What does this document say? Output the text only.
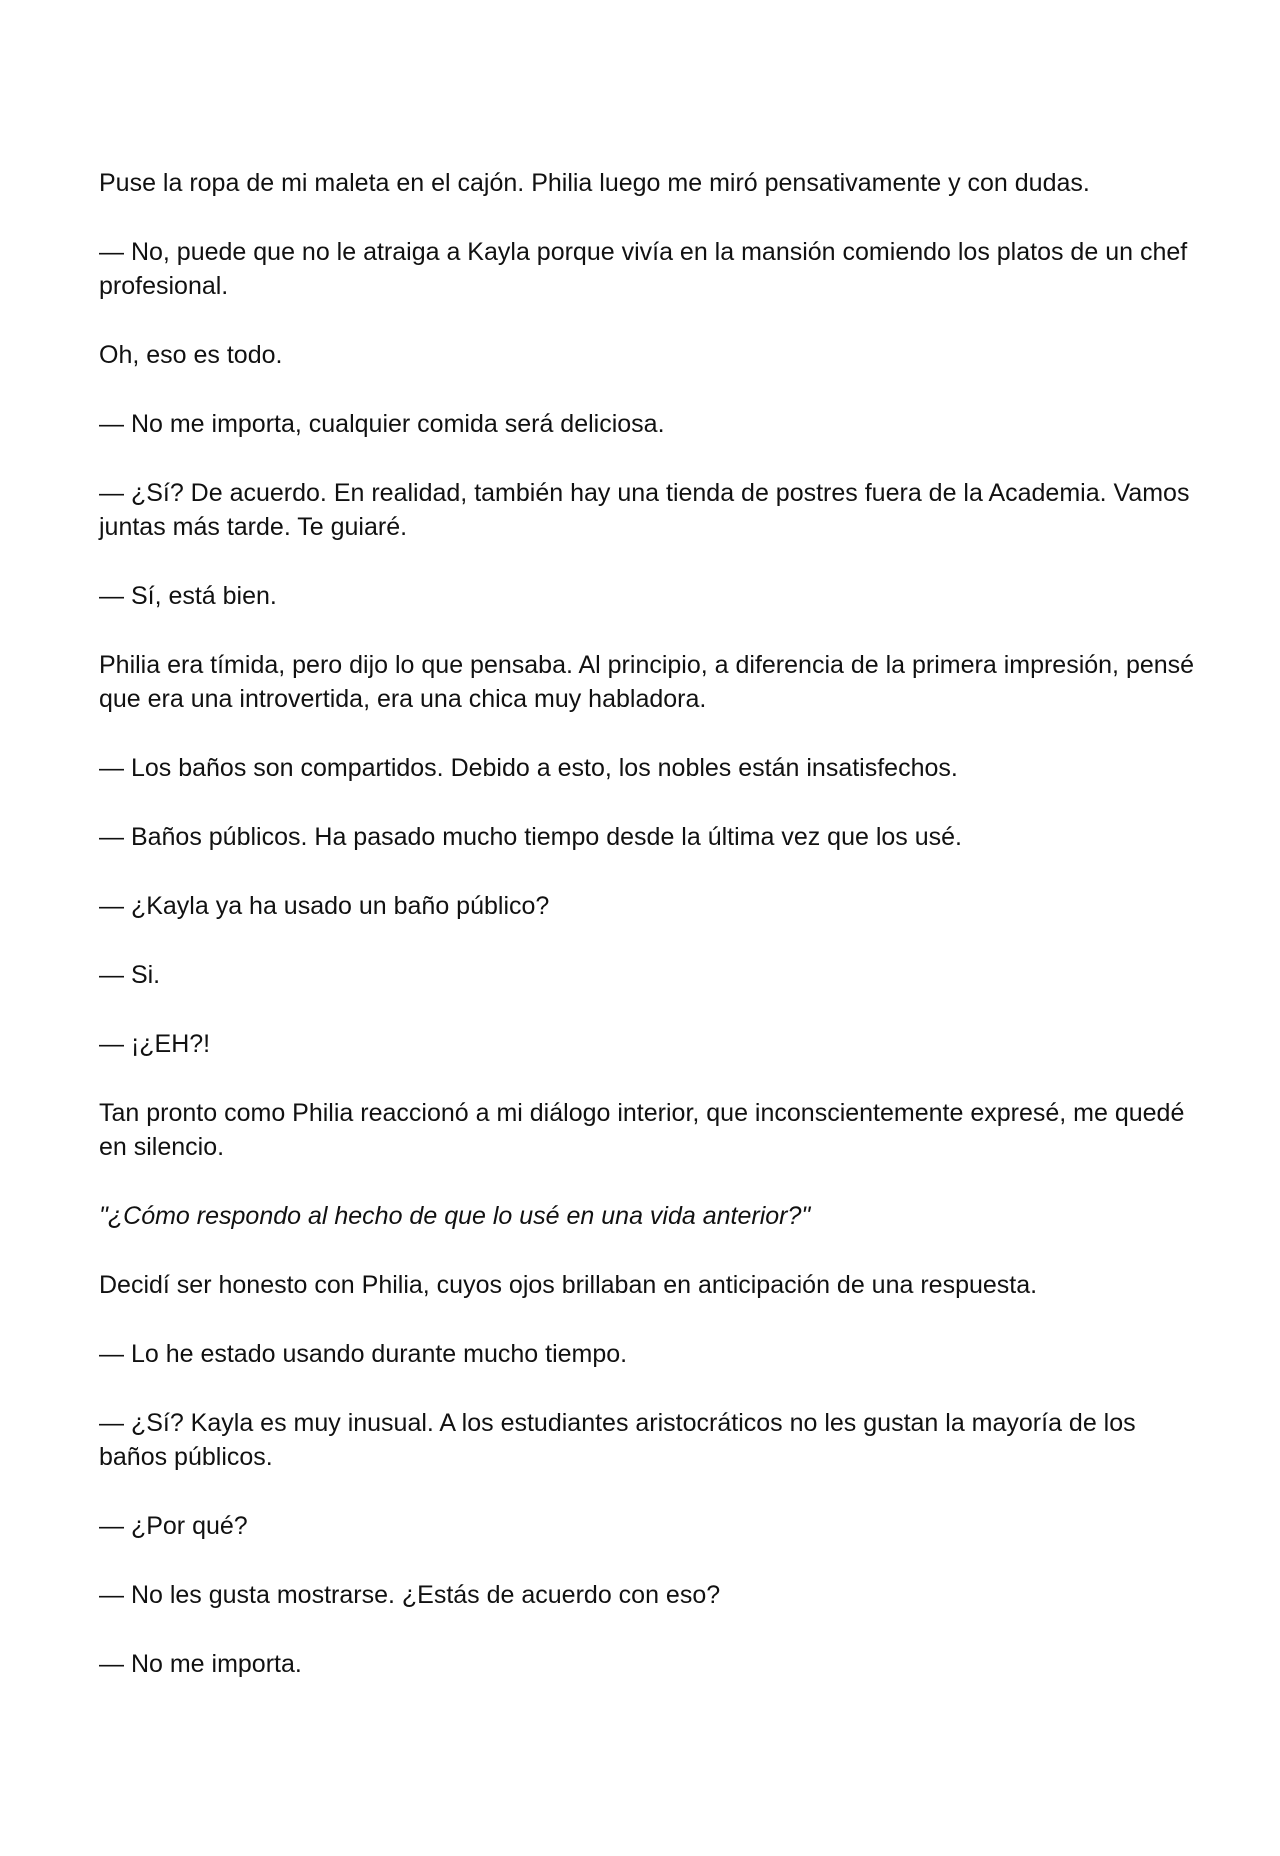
Puse la ropa de mi maleta en el cajón. Philia luego me miró pensativamente y con dudas.

— No, puede que no le atraiga a Kayla porque vivía en la mansión comiendo los platos de un chef profesional.

Oh, eso es todo.

— No me importa, cualquier comida será deliciosa.

— ¿Sí? De acuerdo. En realidad, también hay una tienda de postres fuera de la Academia. Vamos juntas más tarde. Te guiaré.

— Sí, está bien.

Philia era tímida, pero dijo lo que pensaba. Al principio, a diferencia de la primera impresión, pensé que era una introvertida, era una chica muy habladora.

— Los baños son compartidos. Debido a esto, los nobles están insatisfechos.

— Baños públicos. Ha pasado mucho tiempo desde la última vez que los usé.

— ¿Kayla ya ha usado un baño público?

— Si.

— ¡¿EH?!

Tan pronto como Philia reaccionó a mi diálogo interior, que inconscientemente expresé, me quedé en silencio.

"¿Cómo respondo al hecho de que lo usé en una vida anterior?"

Decidí ser honesto con Philia, cuyos ojos brillaban en anticipación de una respuesta.

— Lo he estado usando durante mucho tiempo.

— ¿Sí? Kayla es muy inusual. A los estudiantes aristocráticos no les gustan la mayoría de los baños públicos.

— ¿Por qué?

— No les gusta mostrarse. ¿Estás de acuerdo con eso?

— No me importa.
